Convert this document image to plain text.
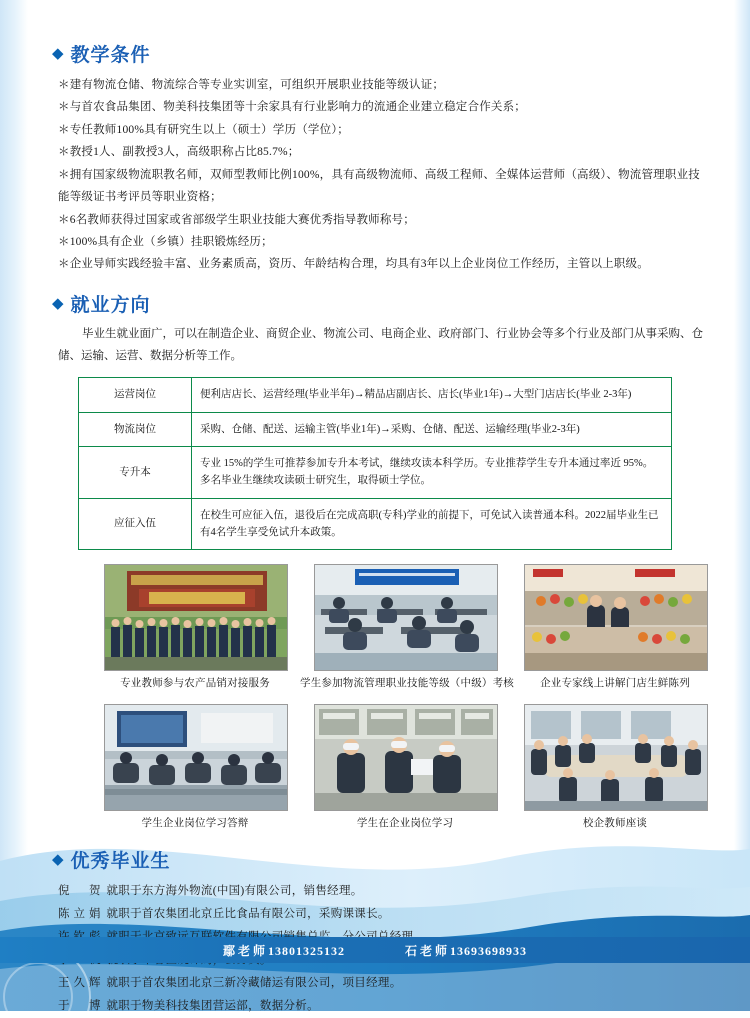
◆ 教学条件
＊建有物流仓储、物流综合等专业实训室，可组织开展职业技能等级认证；
＊与首农食品集团、物美科技集团等十余家具有行业影响力的流通企业建立稳定合作关系；
＊专任教师100%具有研究生以上（硕士）学历（学位）；
＊教授1人、副教授3人，高级职称占比85.7%；
＊拥有国家级物流职教名师，双师型教师比例100%，具有高级物流师、高级工程师、全媒体运营师（高级）、物流管理职业技能等级证书考评员等职业资格；
＊6名教师获得过国家或省部级学生职业技能大赛优秀指导教师称号；
＊100%具有企业（乡镇）挂职锻炼经历；
＊企业导师实践经验丰富、业务素质高，资历、年龄结构合理，均具有3年以上企业岗位工作经历，主管以上职级。
◆ 就业方向

毕业生就业面广，可以在制造企业、商贸企业、物流公司、电商企业、政府部门、行业协会等多个行业及部门从事采购、仓储、运输、运营、数据分析等工作。

运营岗位	便利店店长、运营经理(毕业半年)→精品店副店长、店长(毕业1年)→大型门店店长(毕业 2-3年)
物流岗位	采购、仓储、配送、运输主管(毕业1年)→采购、仓储、配送、运输经理(毕业2-3年)
专升本	专业 15%的学生可推荐参加专升本考试，继续攻读本科学历。专业推荐学生专升本通过率近 95%。多名毕业生继续攻读硕士研究生，取得硕士学位。
应征入伍	在校生可应征入伍，退役后在完成高职(专科)学业的前提下，可免试入读普通本科。2022届毕业生已有4名学生享受免试升本政策。
专业教师参与农产品销对接服务	学生参加物流管理职业技能等级（中级）考核	企业专家线上讲解门店生鲜陈列
学生企业岗位学习答辩	学生在企业岗位学习	校企教师座谈
◆ 优秀毕业生
倪　贺 就职于东方海外物流(中国)有限公司，销售经理。
陈立娟 就职于首农集团北京丘比食品有限公司，采购课课长。
王久辉 就职于首农集团北京三新冷藏储运有限公司，项目经理。
于　博 就职于物美科技集团营运部，数据分析。
鄢老师13801325132	石老师13693698933
